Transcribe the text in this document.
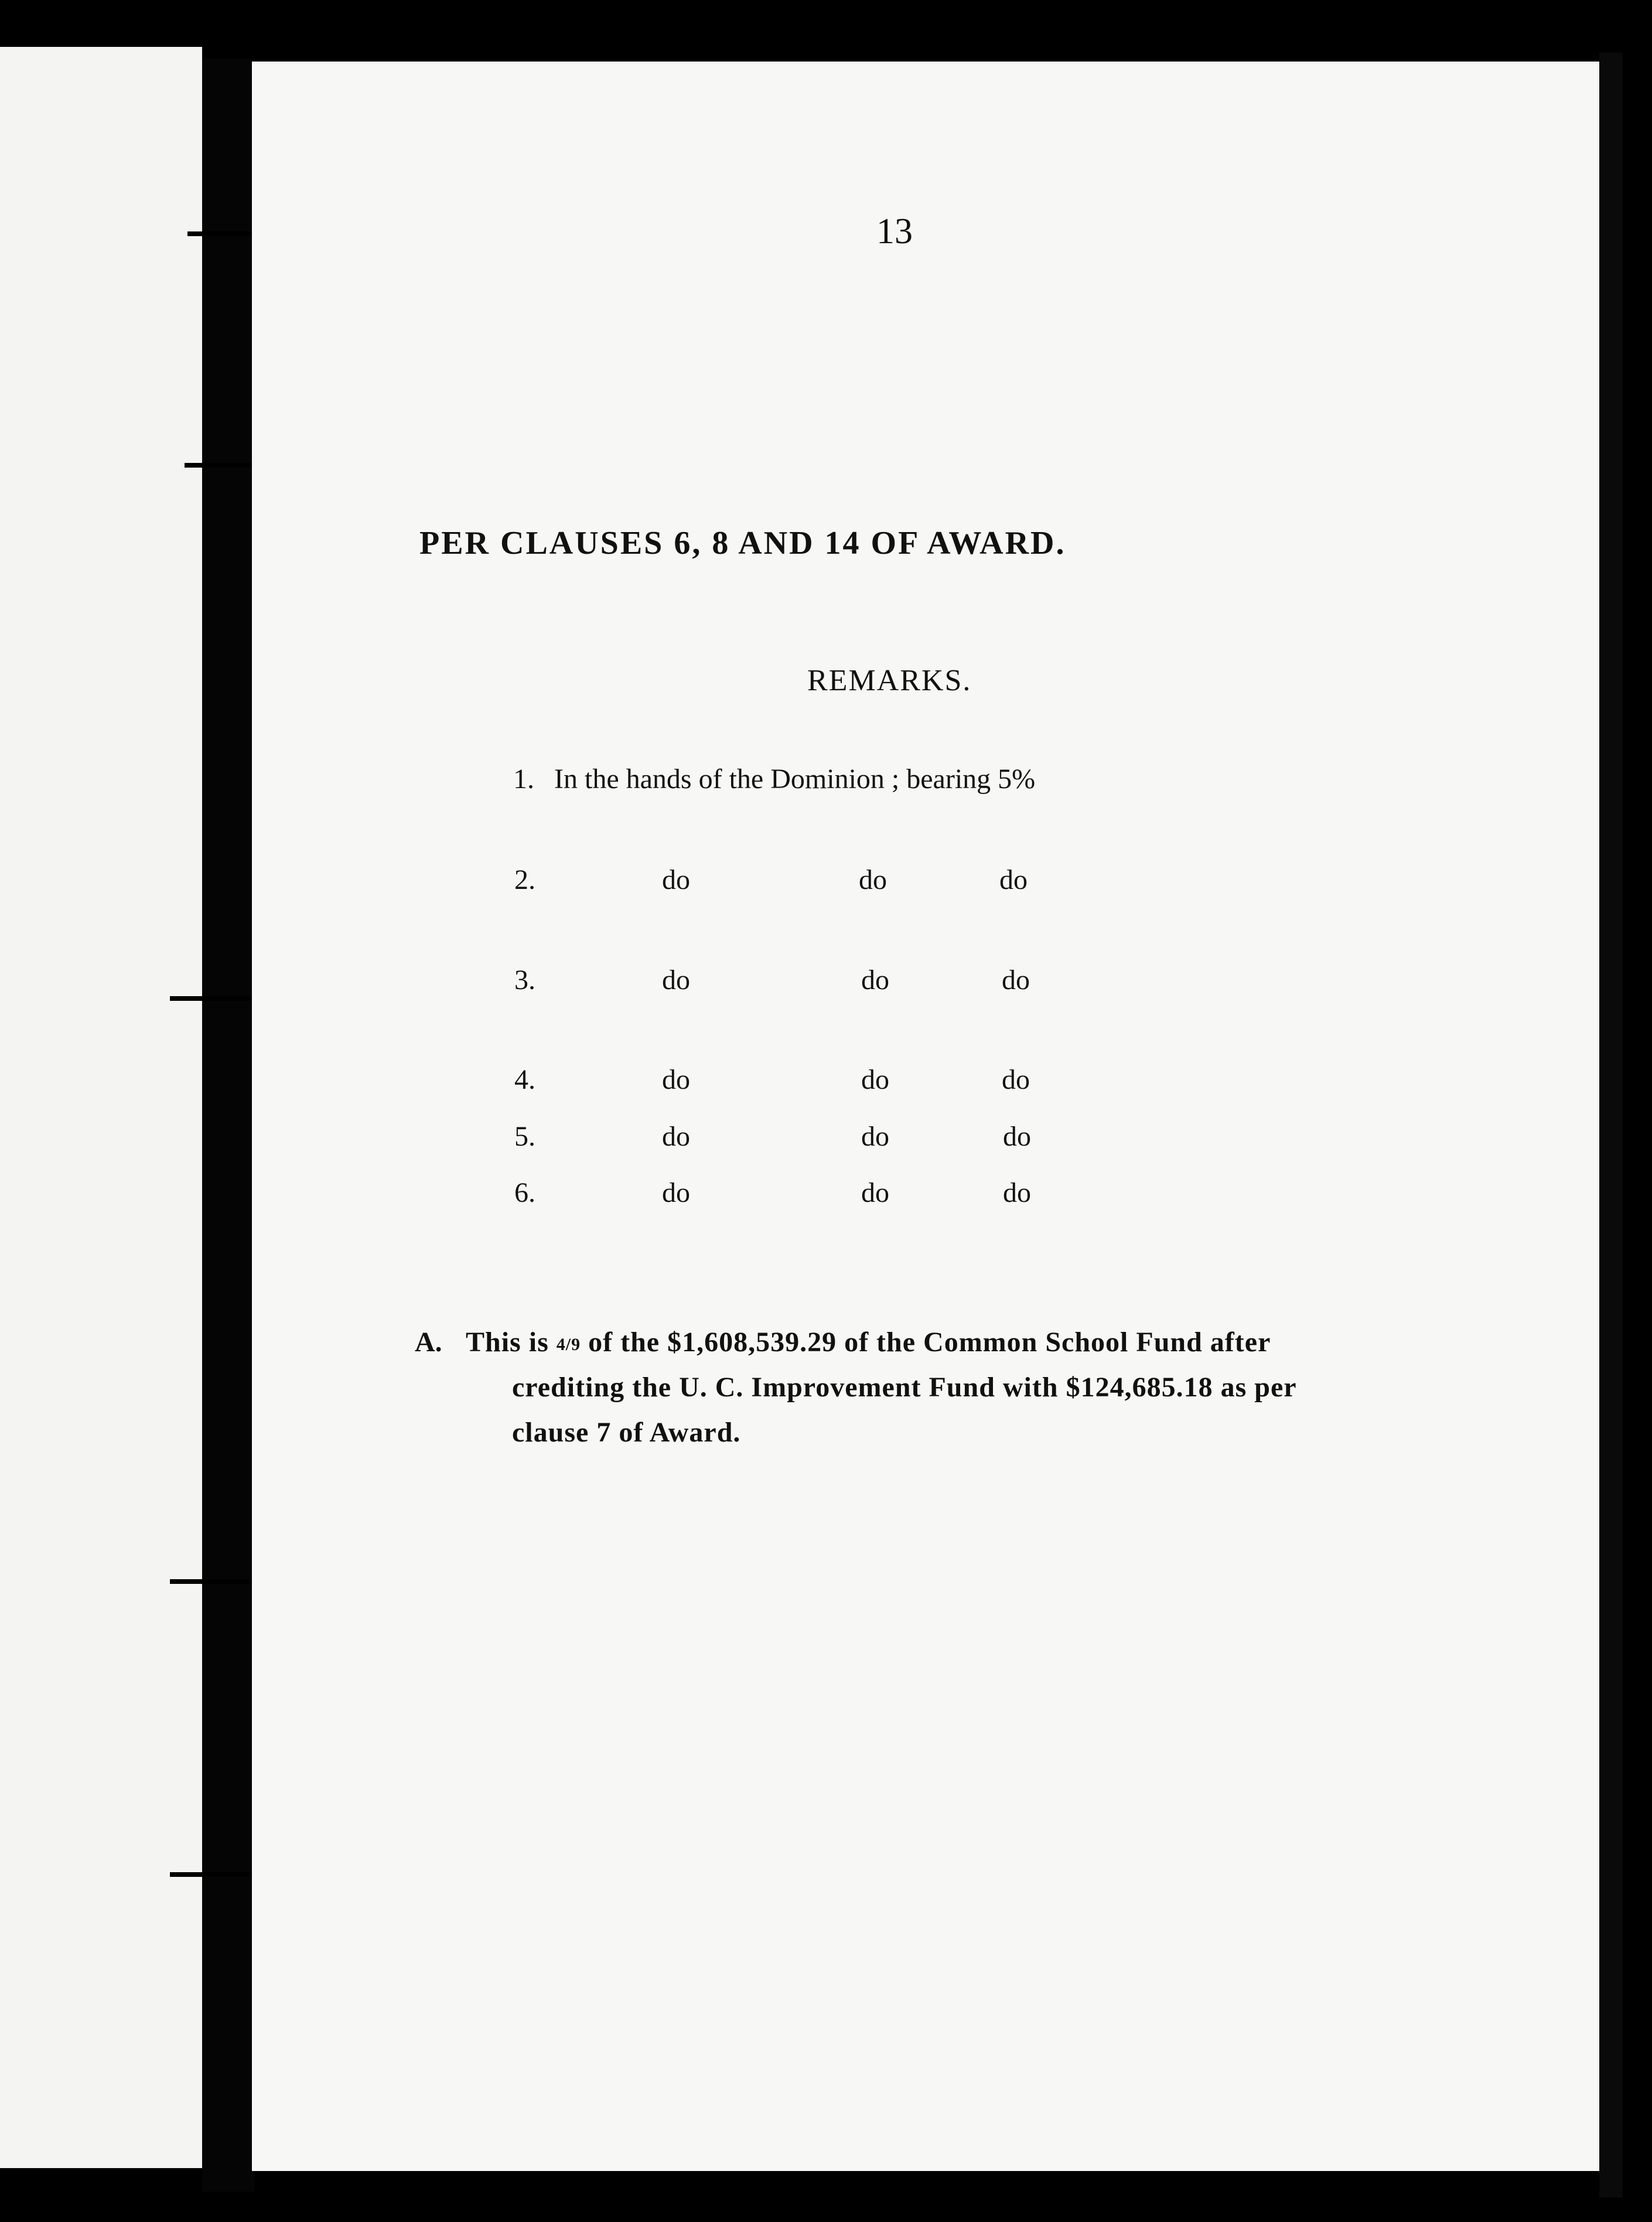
13
PER CLAUSES 6, 8 AND 14 OF AWARD.
REMARKS.
1. In the hands of the Dominion ; bearing 5%
2.	do	do	do
3.	do	do	do
4.	do	do	do
5.	do	do	do
6.	do	do	do
A. This is 4/9 of the $1,608,539.29 of the Common School Fund after
crediting the U. C. Improvement Fund with $124,685.18 as per
clause 7 of Award.
